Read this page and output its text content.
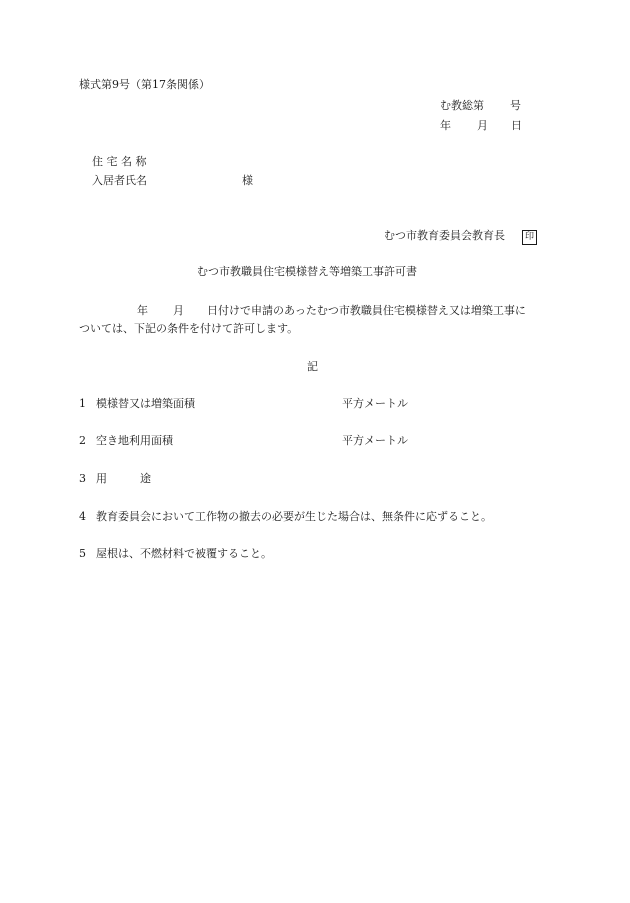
様式第9号（第17条関係）
む教総第 号
年 月 日
住 宅 名 称
入居者氏名	様
むつ市教育委員会教育長	印
むつ市教職員住宅模様替え等増築工事許可書
年 月 日付けで申請のあったむつ市教職員住宅模様替え又は増築工事に
ついては、下記の条件を付けて許可します。
記
1 模様替又は増築面積	平方メートル
2 空き地利用面積	平方メートル
3 用　　　途
4 教育委員会において工作物の撤去の必要が生じた場合は、無条件に応ずること。
5 屋根は、不燃材料で被覆すること。
